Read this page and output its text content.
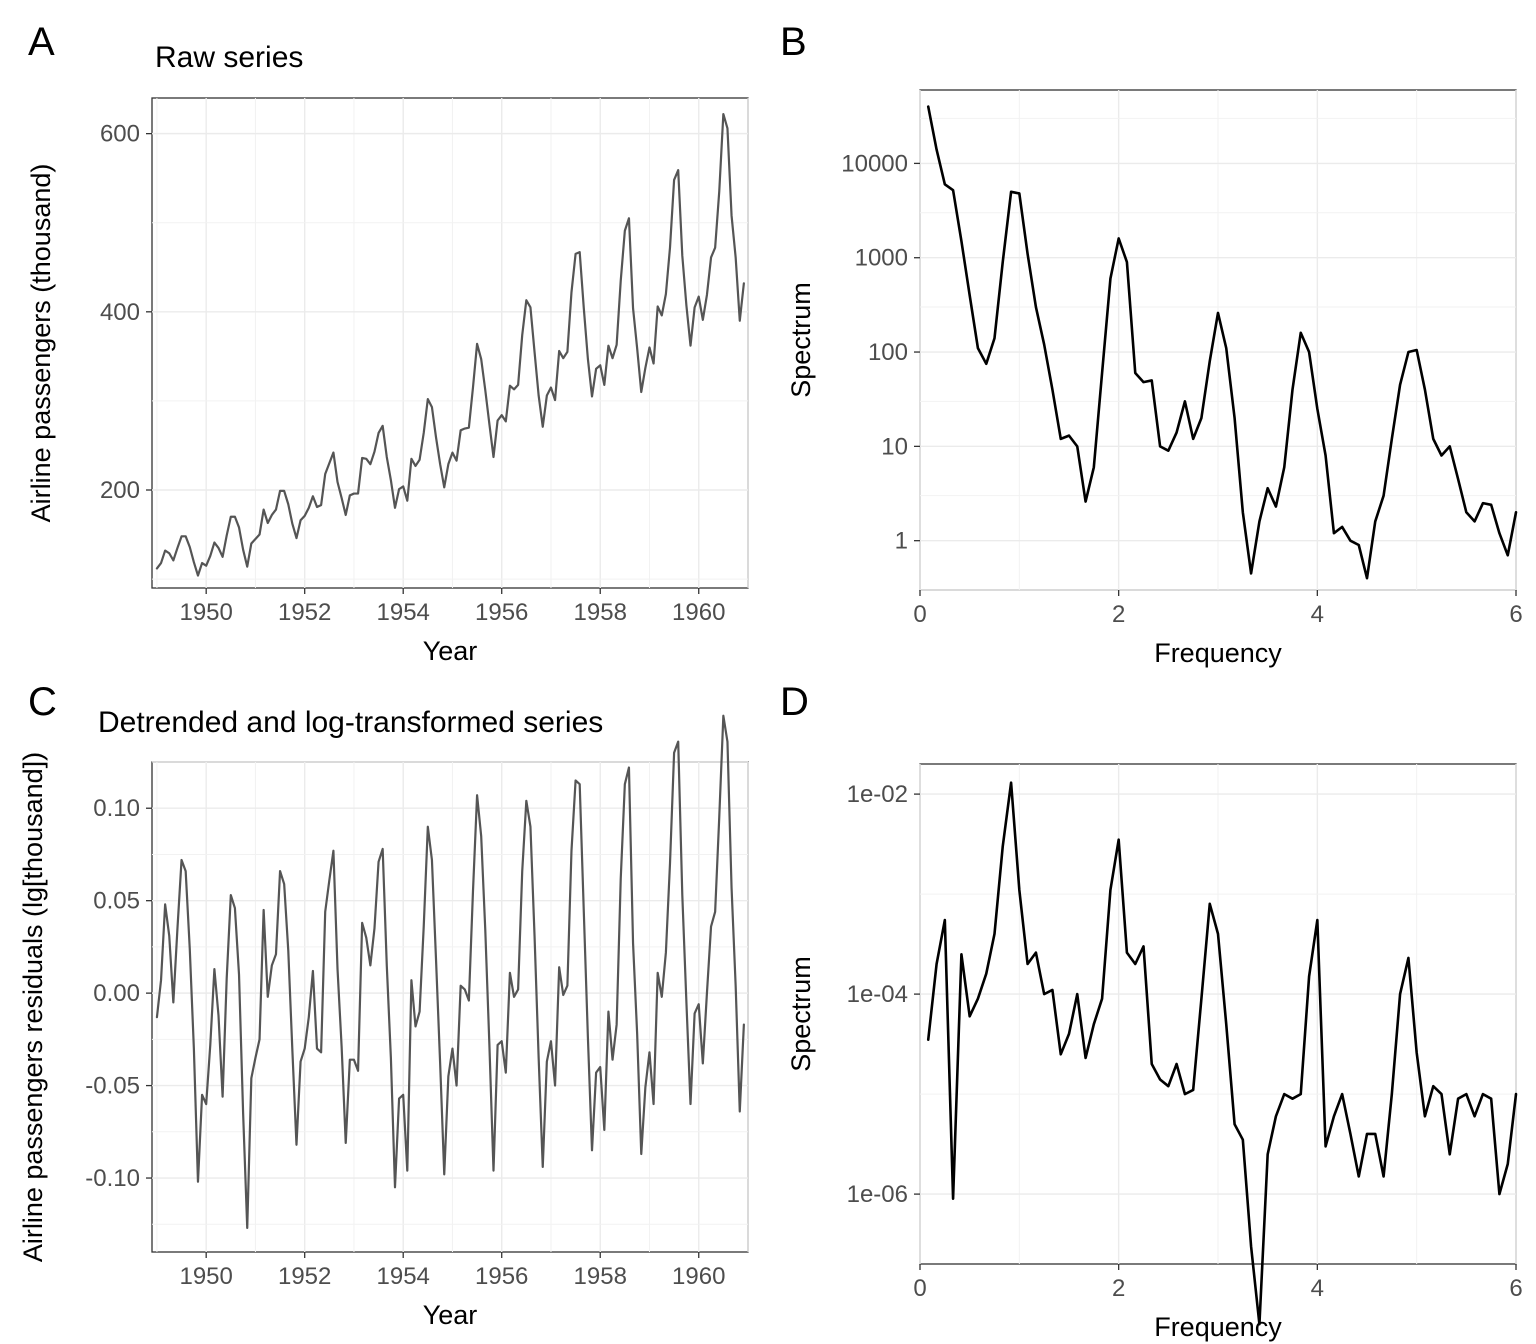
A	Raw series
1950 1952 1954 1956 1958 1960
200
400
600
Year
Airline passengers (thousand)
B
0	2	4	6
1
10
100
1000
10000
Frequency
Spectrum
C Detrended and log-transformed series
1950 1952 1954 1956 1958 1960
-0.10
-0.05
0.00
0.05
0.10
Year
Airline passengers residuals (lg[thousand])
D
0	2	4	6
1e-06
1e-04
1e-02
Frequency
Spectrum
